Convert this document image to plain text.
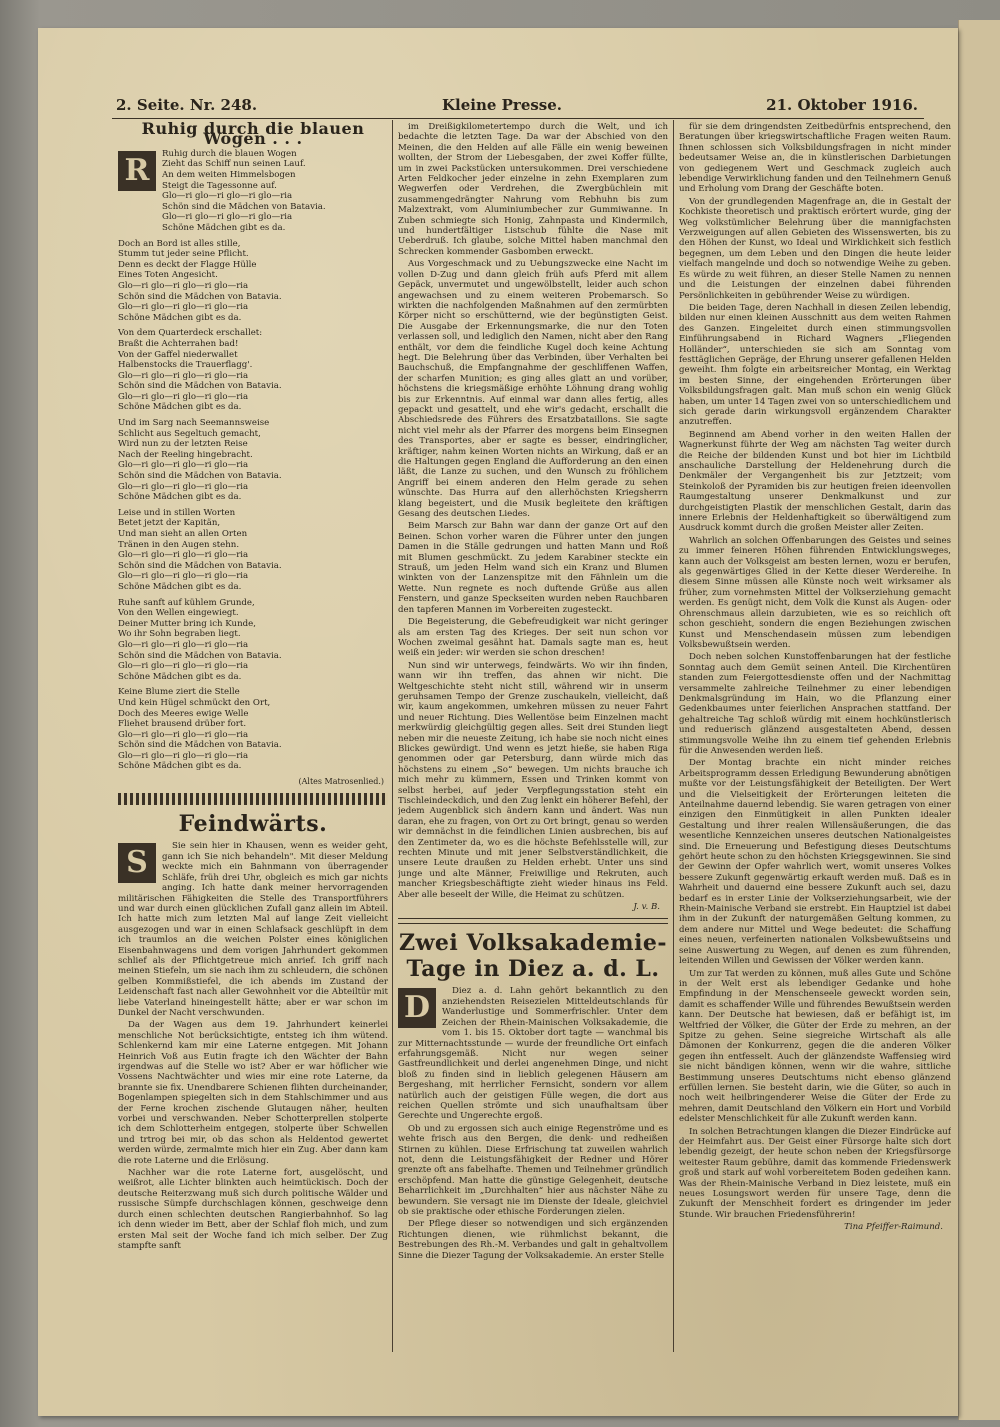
2. Seite. Nr. 248.	Kleine Presse.	21. Oktober 1916.
Ruhig durch die blauen Wogen . . .
R	Ruhig durch die blauen Wogen
Zieht das Schiff nun seinen Lauf.
An dem weiten Himmelsbogen
Steigt die Tagessonne auf.
Glo—ri glo—ri glo—ri glo—ria
Schön sind die Mädchen von Batavia.
Glo—ri glo—ri glo—ri glo—ria
Schöne Mädchen gibt es da.
Doch an Bord ist alles stille,
Stumm tut jeder seine Pflicht.
Denn es deckt der Flagge Hülle
Eines Toten Angesicht.
Glo—ri glo—ri glo—ri glo—ria
Schön sind die Mädchen von Batavia.
Glo—ri glo—ri glo—ri glo—ria
Schöne Mädchen gibt es da.
Von dem Quarterdeck erschallet:
Braßt die Achterrahen bad!
Von der Gaffel niederwallet
Halbenstocks die Trauerflagg'.
Glo—ri glo—ri glo—ri glo—ria
Schön sind die Mädchen von Batavia.
Glo—ri glo—ri glo—ri glo—ria
Schöne Mädchen gibt es da.
Und im Sarg nach Seemannsweise
Schlicht aus Segeltuch gemacht,
Wird nun zu der letzten Reise
Nach der Reeling hingebracht.
Glo—ri glo—ri glo—ri glo—ria
Schön sind die Mädchen von Batavia.
Glo—ri glo—ri glo—ri glo—ria
Schöne Mädchen gibt es da.
Leise und in stillen Worten
Betet jetzt der Kapitän,
Und man sieht an allen Orten
Tränen in den Augen stehn.
Glo—ri glo—ri glo—ri glo—ria
Schön sind die Mädchen von Batavia.
Glo—ri glo—ri glo—ri glo—ria
Schöne Mädchen gibt es da.
Ruhe sanft auf kühlem Grunde,
Von den Wellen eingewiegt.
Deiner Mutter bring ich Kunde,
Wo ihr Sohn begraben liegt.
Glo—ri glo—ri glo—ri glo—ria
Schön sind die Mädchen von Batavia.
Glo—ri glo—ri glo—ri glo—ria
Schöne Mädchen gibt es da.
Keine Blume ziert die Stelle
Und kein Hügel schmückt den Ort,
Doch des Meeres ewige Welle
Fliehet brausend drüber fort.
Glo—ri glo—ri glo—ri glo—ria
Schön sind die Mädchen von Batavia.
Glo—ri glo—ri glo—ri glo—ria
Schöne Mädchen gibt es da.
(Altes Matrosenlied.)
Feindwärts.
S	Sie sein hier in Khausen, wenn es weider geht, gann ich Sie nich behandeln". Mit dieser Meldung weckte mich ein Bahnmann von überragender Schläfe, früh drei Uhr, obgleich es mich gar nichts anging. Ich hatte dank meiner hervorragenden militärischen Fähigkeiten die Stelle des Transportführers und war durch einen glücklichen Zufall ganz allein im Abteil. Ich hatte mich zum letzten Mal auf lange Zeit vielleicht ausgezogen und war in einen Schlafsack geschlüpft in dem ich traumlos an die weichen Polster eines königlichen Eisenbahnwagens und dem vorigen Jahrhundert gekommen schlief als der Pflichtgetreue mich anrief. Ich griff nach meinen Stiefeln, um sie nach ihm zu schleudern, die schönen gelben Kommißstiefel, die ich abends im Zustand der Leidenschaft fast nach aller Gewohnheit vor die Abteiltür mit liebe Vaterland hineingestellt hätte; aber er war schon im Dunkel der Nacht verschwunden.

Da der Wagen aus dem 19. Jahrhundert keinerlei menschliche Not berücksichtigte, entsteg ich ihm wütend. Schlenkernd kam mir eine Laterne entgegen. Mit Johann Heinrich Voß aus Eutin fragte ich den Wächter der Bahn irgendwas auf die Stelle wo ist? Aber er war höflicher wie Vossens Nachtwächter und wies mir eine rote Laterne, da brannte sie fix. Unendbarere Schienen flihten durcheinander, Bogenlampen spiegelten sich in dem Stahlschimmer und aus der Ferne krochen zischende Glutaugen näher, heulten vorbei und verschwanden. Neber Schotterprellen stolperte ich dem Schlotterheim entgegen, stolperte über Schwellen und trtrog bei mir, ob das schon als Heldentod gewertet werden würde, zermalmte mich hier ein Zug. Aber dann kam die rote Laterne und die Erlösung.

Nachher war die rote Laterne fort, ausgelöscht, und weißrot, alle Lichter blinkten auch heimtückisch. Doch der deutsche Reiterzwang muß sich durch politische Wälder und russische Sümpfe durchschlagen können, geschweige denn durch einen schlechten deutschen Rangierbahnhof. So lag ich denn wieder im Bett, aber der Schlaf floh mich, und zum ersten Mal seit der Woche fand ich mich selber. Der Zug stampfte sanft

im Dreißigkilometertempo durch die Welt, und ich bedachte die letzten Tage. Da war der Abschied von den Meinen, die den Helden auf alle Fälle ein wenig beweinen wollten, der Strom der Liebesgaben, der zwei Koffer füllte, um in zwei Packstücken untersukommen. Drei verschiedene Arten Feldkocher jeder einzelne in zehn Exemplaren zum Wegwerfen oder Verdrehen, die Zwergbüchlein mit zusammengedrängter Nahrung vom Rebhuhn bis zum Malzextrakt, vom Aluminiumbecher zur Gummiwanne. In Zuben schmiegte sich Honig, Zahnpasta und Kindermilch, und hundertfältiger Listschub fühlte die Nase mit Ueberdruß. Ich glaube, solche Mittel haben manchmal den Schrecken kommender Gasbomben erweckt.

Aus Vorgeschmack und zu Uebungszwecke eine Nacht im vollen D-Zug und dann gleich früh aufs Pferd mit allem Gepäck, unvermutet und ungewölbstellt, leider auch schon angewachsen und zu einem weiteren Probemarsch. So wirkten die nachfolgenden Maßnahmen auf den zermürbten Körper nicht so erschütternd, wie der begünstigten Geist. Die Ausgabe der Erkennungsmarke, die nur den Toten verlassen soll, und lediglich den Namen, nicht aber den Rang enthält, vor dem die feindliche Kugel doch keine Achtung hegt. Die Belehrung über das Verbinden, über Verhalten bei Bauchschuß, die Empfangnahme der geschliffenen Waffen, der scharfen Munition; es ging alles glatt an und vorüber, höchstens die kriegsmäßige erhöhte Löhnung drang wohlig bis zur Erkenntnis. Auf einmal war dann alles fertig, alles gepackt und gesattelt, und ehe wir's gedacht, erschallt die Abschiedsrede des Führers des Ersatzbataillons. Sie sagte nicht viel mehr als der Pfarrer des morgens beim Einsegnen des Transportes, aber er sagte es besser, eindringlicher, kräftiger, nahm keinen Worten nichts an Wirkung, daß er an die Haltungen gegen England die Aufforderung an den einen läßt, die Lanze zu suchen, und den Wunsch zu fröhlichem Angriff bei einem anderen den Helm gerade zu sehen wünschte. Das Hurra auf den allerhöchsten Kriegsherrn klang begeistert, und die Musik begleitete den kräftigen Gesang des deutschen Liedes.

Beim Marsch zur Bahn war dann der ganze Ort auf den Beinen. Schon vorher waren die Führer unter den jungen Damen in die Ställe gedrungen und hatten Mann und Roß mit Blumen geschmückt. Zu jedem Karabiner steckte ein Strauß, um jeden Helm wand sich ein Kranz und Blumen winkten von der Lanzenspitze mit den Fähnlein um die Wette. Nun regnete es noch duftende Grüße aus allen Fenstern, und ganze Speckseiten wurden neben Rauchbaren den tapferen Mannen im Vorbereiten zugesteckt.

Die Begeisterung, die Gebefreudigkeit war nicht geringer als am ersten Tag des Krieges. Der seit nun schon vor Wochen zweimal gesähnt hat. Damals sagte man es, heut weiß ein jeder: wir werden sie schon dreschen!

Nun sind wir unterwegs, feindwärts. Wo wir ihn finden, wann wir ihn treffen, das ahnen wir nicht. Die Weltgeschichte steht nicht still, während wir in unserm geruhsamen Tempo der Grenze zuschaukeln, vielleicht, daß wir, kaum angekommen, umkehren müssen zu neuer Fahrt und neuer Richtung. Dies Wellentöse beim Einzelnen macht merkwürdig gleichgültig gegen alles. Seit drei Stunden liegt neben mir die neueste Zeitung, ich habe sie noch nicht eines Blickes gewürdigt. Und wenn es jetzt hieße, sie haben Riga genommen oder gar Petersburg, dann würde mich das höchstens zu einem „So“ bewegen. Um nichts brauche ich mich mehr zu kümmern, Essen und Trinken kommt von selbst herbei, auf jeder Verpflegungsstation steht ein Tischleindeckdich, und den Zug lenkt ein höherer Befehl, der jedem Augenblick sich ändern kann und ändert. Was nun daran, ehe zu fragen, von Ort zu Ort bringt, genau so werden wir demnächst in die feindlichen Linien ausbrechen, bis auf den Zentimeter da, wo es die höchste Befehlsstelle will, zur rechten Minute und mit jener Selbstverständlichkeit, die unsere Leute draußen zu Helden erhebt. Unter uns sind junge und alte Männer, Freiwillige und Rekruten, auch mancher Kriegsbeschäftigte zieht wieder hinaus ins Feld. Aber alle beseelt der Wille, die Heimat zu schützen.

J. v. B.
Zwei Volksakademie-Tage in Diez a. d. L.
D	Diez a. d. Lahn gehört bekanntlich zu den anziehendsten Reisezielen Mitteldeutschlands für Wanderlustige und Sommerfrischler. Unter dem Zeichen der Rhein-Mainischen Volksakademie, die vom 1. bis 15. Oktober dort tagte — wanchmal bis zur Mitternachtsstunde — wurde der freundliche Ort einfach erfahrungsgemäß. Nicht nur wegen seiner Gastfreundlichkeit und derlei angenehmen Dinge, und nicht bloß zu finden sind in lieblich gelegenen Häusern am Bergeshang, mit herrlicher Fernsicht, sondern vor allem natürlich auch der geistigen Fülle wegen, die dort aus reichen Quellen strömte und sich unaufhaltsam über Gerechte und Ungerechte ergoß.

Ob und zu ergossen sich auch einige Regenströme und es wehte frisch aus den Bergen, die denk- und redheißen Stirnen zu kühlen. Diese Erfrischung tat zuweilen wahrlich not, denn die Leistungsfähigkeit der Redner und Hörer grenzte oft ans fabelhafte. Themen und Teilnehmer gründlich erschöpfend. Man hatte die günstige Gelegenheit, deutsche Beharrlichkeit im „Durchhalten“ hier aus nächster Nähe zu bewundern. Sie versagt nie im Dienste der Ideale, gleichviel ob sie praktische oder ethische Forderungen zielen.

Der Pflege dieser so notwendigen und sich ergänzenden Richtungen dienen, wie rühmlichst bekannt, die Bestrebungen des Rh.-M. Verbandes und galt in gehaltvollem Sinne die Diezer Tagung der Volksakademie. An erster Stelle

für sie dem dringendsten Zeitbedürfnis entsprechend, den Beratungen über kriegswirtschaftliche Fragen weiten Raum. Ihnen schlossen sich Volksbildungsfragen in nicht minder bedeutsamer Weise an, die in künstlerischen Darbietungen von gediegenem Wert und Geschmack zugleich auch lebendige Verwirklichung fanden und den Teilnehmern Genuß und Erholung vom Drang der Geschäfte boten.

Von der grundlegenden Magenfrage an, die in Gestalt der Kochkiste theoretisch und praktisch erörtert wurde, ging der Weg volkstümlicher Belehrung über die mannigfachsten Verzweigungen auf allen Gebieten des Wissenswerten, bis zu den Höhen der Kunst, wo Ideal und Wirklichkeit sich festlich begegnen, um dem Leben und den Dingen die heute leider vielfach mangelnde und doch so notwendige Weihe zu geben. Es würde zu weit führen, an dieser Stelle Namen zu nennen und die Leistungen der einzelnen dabei führenden Persönlichkeiten in gebührender Weise zu würdigen.

Die beiden Tage, deren Nachhall in diesen Zeilen lebendig, bilden nur einen kleinen Ausschnitt aus dem weiten Rahmen des Ganzen. Eingeleitet durch einen stimmungsvollen Einführungsabend in Richard Wagners „Fliegenden Holländer“, unterschieden sie sich am Sonntag vom festtäglichen Gepräge, der Ehrung unserer gefallenen Helden geweiht. Ihm folgte ein arbeitsreicher Montag, ein Werktag im besten Sinne, der eingehenden Erörterungen über Volksbildungsfragen galt. Man muß schon ein wenig Glück haben, um unter 14 Tagen zwei von so unterschiedlichem und sich gerade darin wirkungsvoll ergänzendem Charakter anzutreffen.

Beginnend am Abend vorher in den weiten Hallen der Wagnerkunst führte der Weg am nächsten Tag weiter durch die Reiche der bildenden Kunst und bot hier im Lichtbild anschauliche Darstellung der Heldenehrung durch die Denkmäler der Vergangenheit bis zur Jetztzeit; vom Steinkoloß der Pyramiden bis zur heutigen freien ideenvollen Raumgestaltung unserer Denkmalkunst und zur durchgeistigten Plastik der menschlichen Gestalt, darin das innere Erlebnis der Heldenhaftigkeit so überwältigend zum Ausdruck kommt durch die großen Meister aller Zeiten.

Wahrlich an solchen Offenbarungen des Geistes und seines zu immer feineren Höhen führenden Entwicklungsweges, kann auch der Volksgeist am besten lernen, wozu er berufen, als gegenwärtiges Glied in der Kette dieser Werdereihe. In diesem Sinne müssen alle Künste noch weit wirksamer als früher, zum vornehmsten Mittel der Volkserziehung gemacht werden. Es genügt nicht, dem Volk die Kunst als Augen- oder Ohrenschmaus allein darzubieten, wie es so reichlich oft schon geschieht, sondern die engen Beziehungen zwischen Kunst und Menschendasein müssen zum lebendigen Volksbewußtsein werden.

Doch neben solchen Kunstoffenbarungen hat der festliche Sonntag auch dem Gemüt seinen Anteil. Die Kirchentüren standen zum Feiergottesdienste offen und der Nachmittag versammelte zahlreiche Teilnehmer zu einer lebendigen Denkmalsgründung im Hain, wo die Pflanzung einer Gedenkbaumes unter feierlichen Ansprachen stattfand. Der gehaltreiche Tag schloß würdig mit einem hochkünstlerisch und reduerisch glänzend ausgestalteten Abend, dessen stimmungsvolle Weihe ihn zu einem tief gehenden Erlebnis für die Anwesenden werden ließ.

Der Montag brachte ein nicht minder reiches Arbeitsprogramm dessen Erledigung Bewunderung abnötigen mußte vor der Leistungsfähigkeit der Beteiligten. Der Wert und die Vielseitigkeit der Erörterungen leiteten die Anteilnahme dauernd lebendig. Sie waren getragen von einer einzigen den Einmütigkeit in allen Punkten idealer Gestaltung und ihrer realen Willensäußerungen, die das wesentliche Kennzeichen unseres deutschen Nationalgeistes sind. Die Erneuerung und Befestigung dieses Deutschtums gehört heute schon zu den höchsten Kriegsgewinnen. Sie sind der Gewinn der Opfer wahrlich wert, womit unseres Volkes bessere Zukunft gegenwärtig erkauft werden muß. Daß es in Wahrheit und dauernd eine bessere Zukunft auch sei, dazu bedarf es in erster Linie der Volkserziehungsarbeit, wie der Rhein-Mainische Verband sie erstrebt. Ein Hauptziel ist dabei ihm in der Zukunft der naturgemäßen Geltung kommen, zu dem andere nur Mittel und Wege bedeutet: die Schaffung eines neuen, verfeinerten nationalen Volksbewußtseins und seine Auswertung zu Wegen, auf denen es zum führenden, leitenden Willen und Gewissen der Völker werden kann.

Um zur Tat werden zu können, muß alles Gute und Schöne in der Welt erst als lebendiger Gedanke und hohe Empfindung in der Menschenseele geweckt worden sein, damit es schaffender Wille und führendes Bewußtsein werden kann. Der Deutsche hat bewiesen, daß er befähigt ist, im Weltfried der Völker, die Güter der Erde zu mehren, an der Spitze zu gehen. Seine siegreiche Wirtschaft als alle Dämonen der Konkurrenz, gegen die die anderen Völker gegen ihn entfesselt. Auch der glänzendste Waffensieg wird sie nicht bändigen können, wenn wir die wahre, sittliche Bestimmung unseres Deutschtums nicht ebenso glänzend erfüllen lernen. Sie besteht darin, wie die Güter, so auch in noch weit heilbringenderer Weise die Güter der Erde zu mehren, damit Deutschland den Völkern ein Hort und Vorbild edelster Menschlichkeit für alle Zukunft werden kann.

In solchen Betrachtungen klangen die Diezer Eindrücke auf der Heimfahrt aus. Der Geist einer Fürsorge halte sich dort lebendig gezeigt, der heute schon neben der Kriegsfürsorge weitester Raum gebühre, damit das kommende Friedenswerk groß und stark auf wohl vorbereitetem Boden gedeihen kann. Was der Rhein-Mainische Verband in Diez leistete, muß ein neues Losungswort werden für unsere Tage, denn die Zukunft der Menschheit fordert es dringender im jeder Stunde. Wir brauchen Friedensführerin!

Tina Pfeiffer-Raimund.
